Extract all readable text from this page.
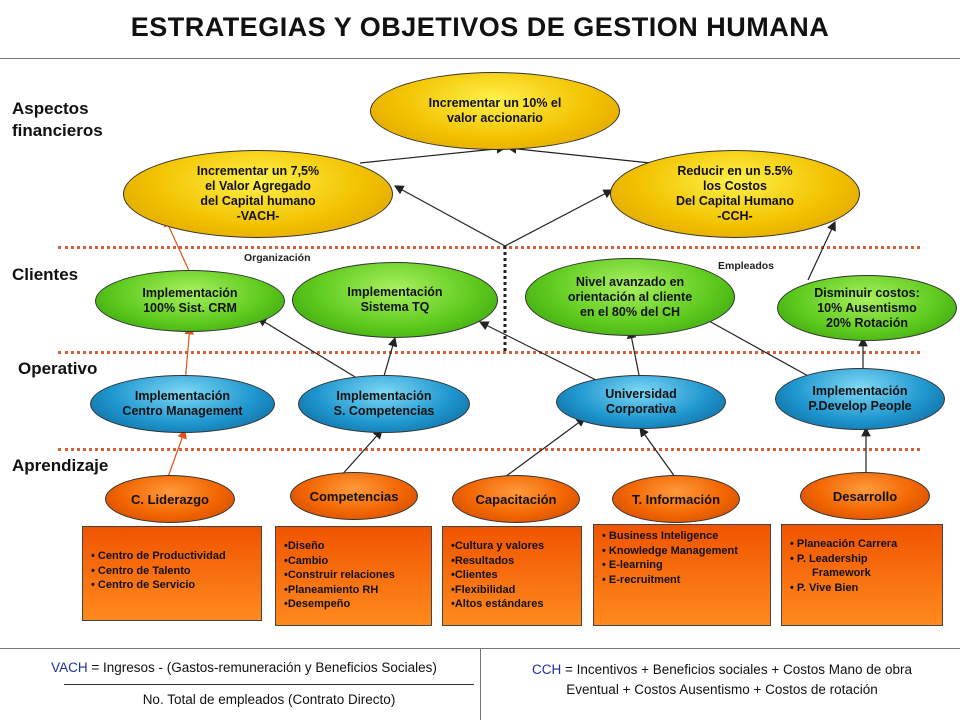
ESTRATEGIAS Y OBJETIVOS DE GESTION HUMANA
Aspectos
financieros
Clientes
Operativo
Aprendizaje
Organización
Empleados
Incrementar un 10% el
valor accionario
Incrementar un 7,5%
el Valor Agregado
del Capital humano
-VACH-
Reducir en un 5.5%
los Costos
Del Capital Humano
-CCH-
Implementación
100% Sist. CRM
Implementación
Sistema TQ
Nivel avanzado en
orientación al cliente
en el 80% del CH
Disminuir costos:
10% Ausentismo
20% Rotación
Implementación
Centro Management
Implementación
S. Competencias
Universidad
Corporativa
Implementación
P.Develop People
C. Liderazgo	Competencias	Capacitación	T. Información	Desarrollo
• Centro de Productividad
• Centro de Talento
• Centro de Servicio
•Diseño
•Cambio
•Construir relaciones
•Planeamiento RH
•Desempeño
•Cultura y valores
•Resultados
•Clientes
•Flexibilidad
•Altos estándares
• Business Inteligence
• Knowledge Management
• E-learning
• E-recruitment
• Planeación Carrera
• P. Leadership
Framework
• P. Vive Bien
VACH = Ingresos - (Gastos-remuneración y Beneficios Sociales)
No. Total de empleados (Contrato Directo)
CCH = Incentivos + Beneficios sociales + Costos Mano de obra
Eventual + Costos Ausentismo + Costos de rotación
